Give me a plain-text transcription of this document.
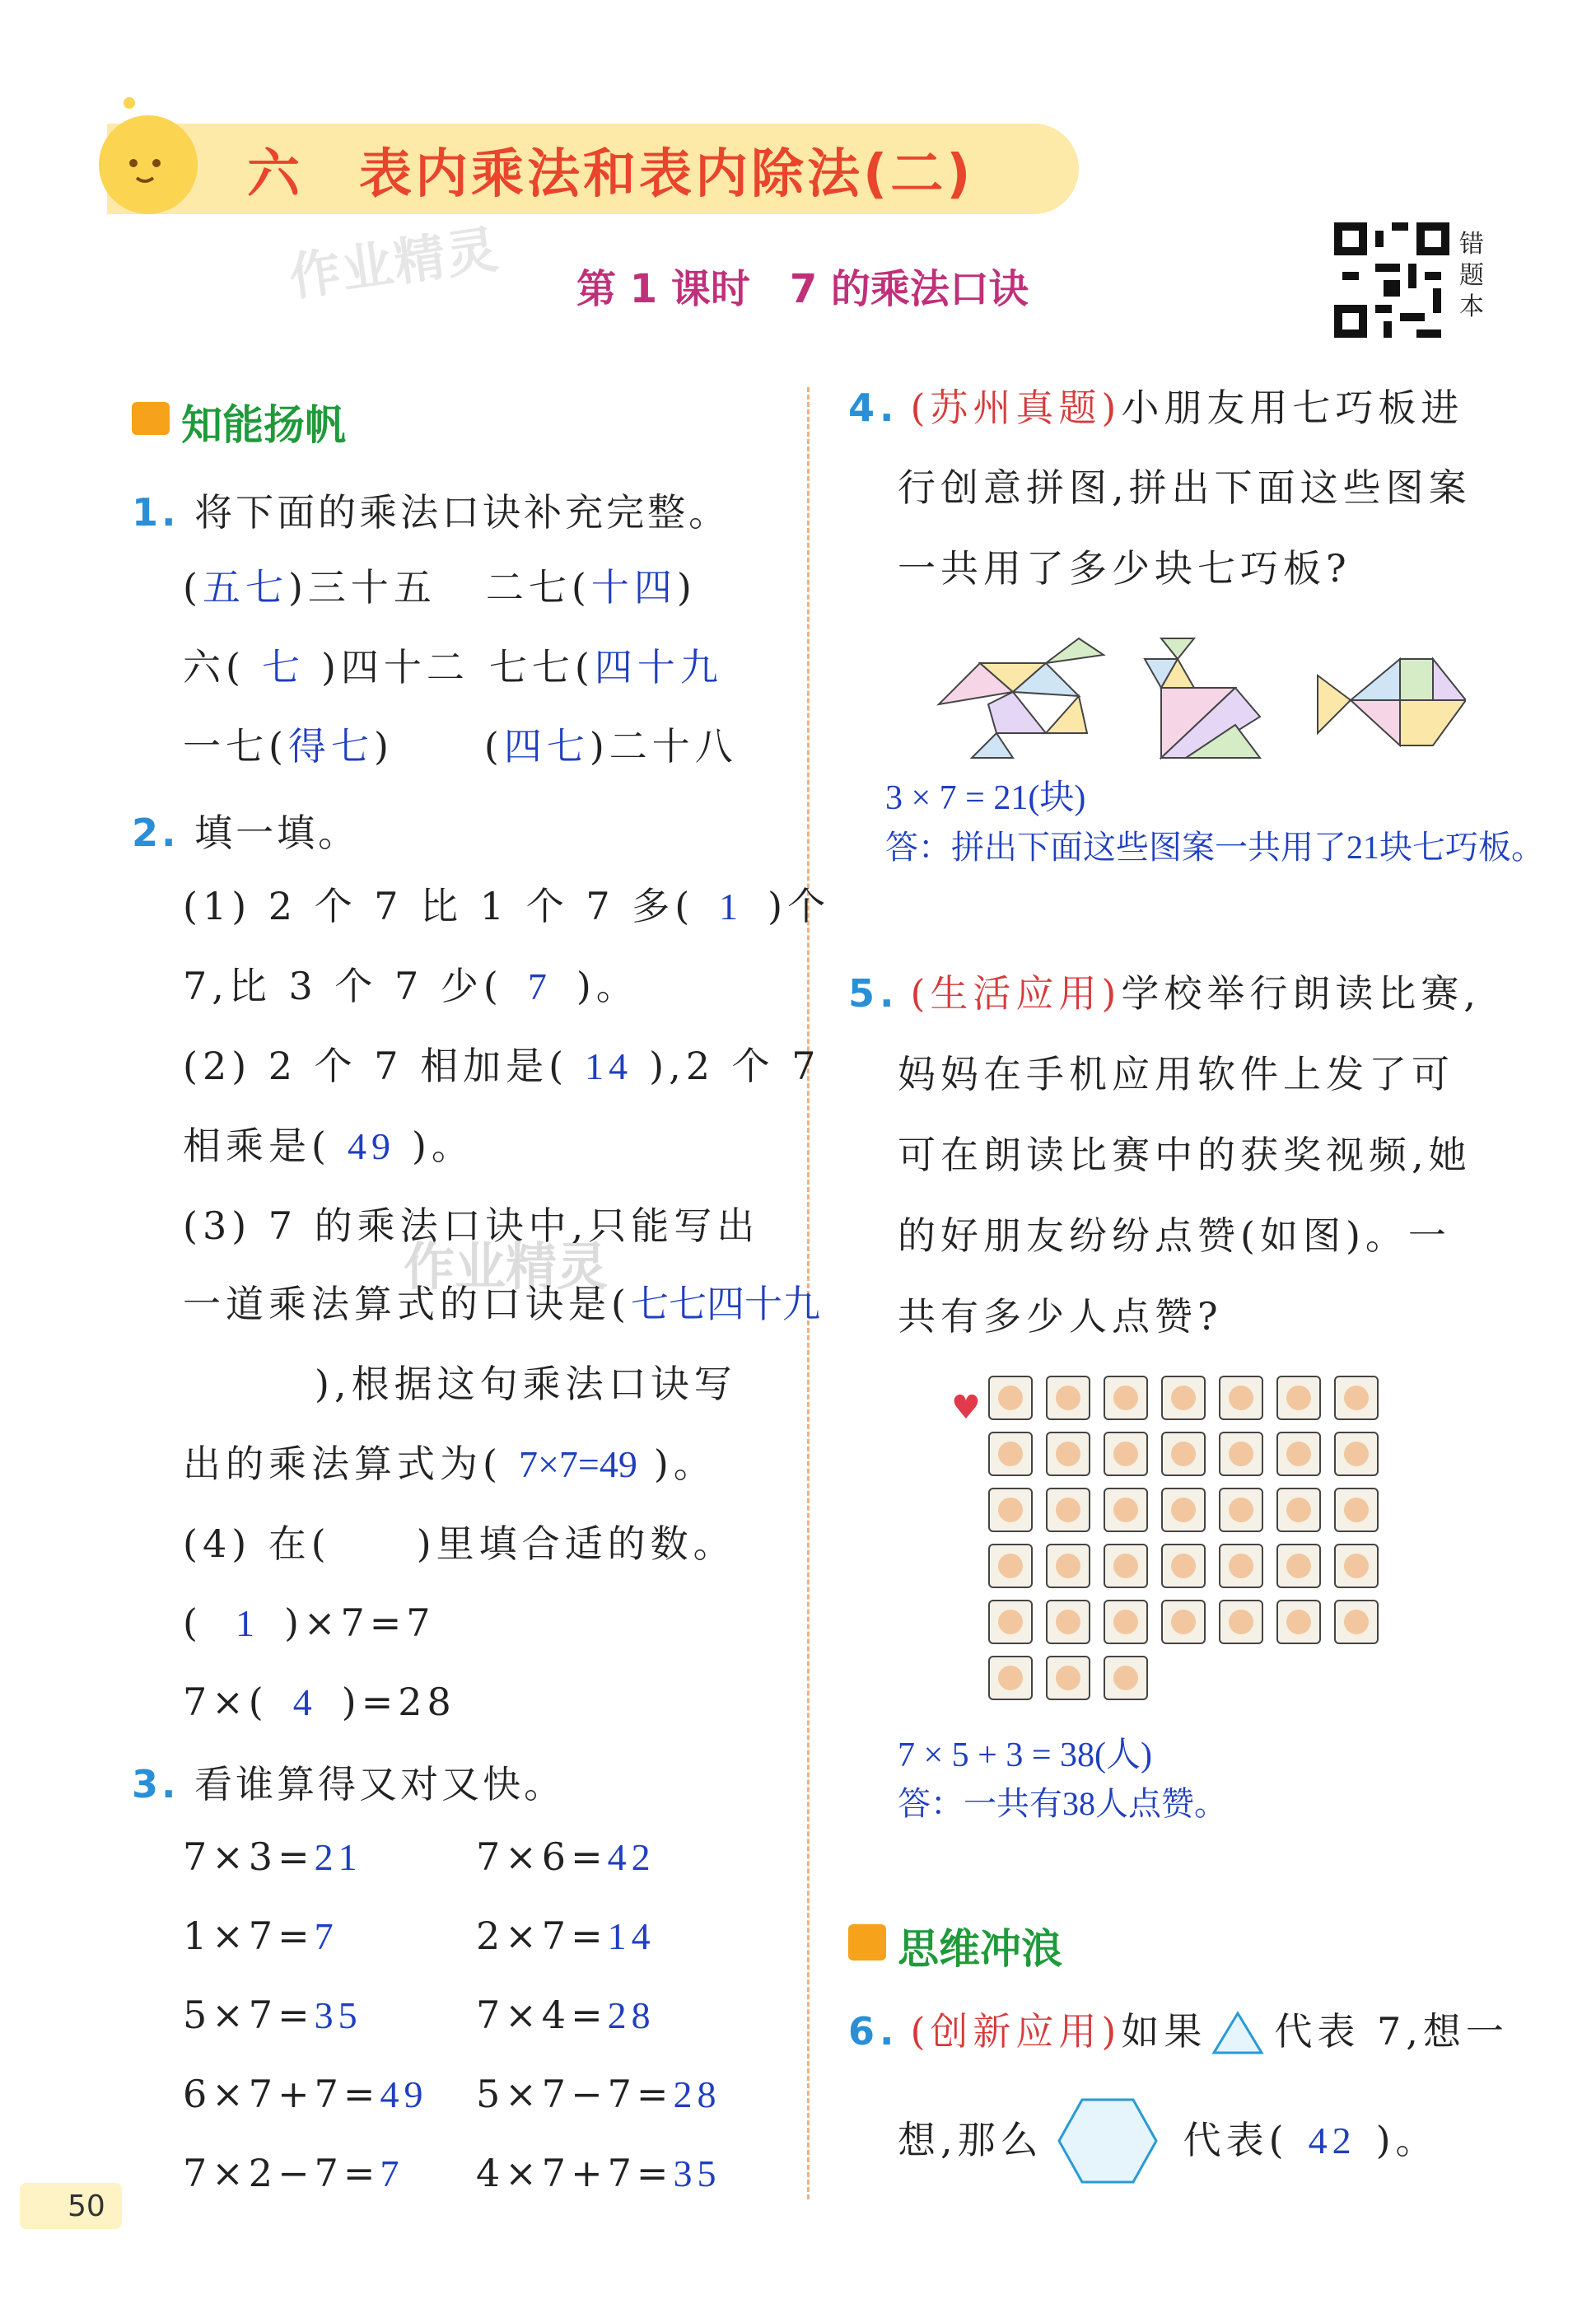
六　表内乘法和表内除法(二)
作业精灵 第 1 课时　7 的乘法口诀
错
题
本
知能扬帆
1. 将下面的乘法口诀补充完整。
(五七)三十五 二七(十四)
六( 七 )四十二 七七(四十九
一七(得七) (四七)二十八
2. 填一填。
(1) 2 个 7 比 1 个 7 多( 1 )个
7,比 3 个 7 少( 7 )。
(2) 2 个 7 相加是( 14 ),2 个 7
相乘是( 49 )。
(3) 7 的乘法口诀中,只能写出
作业精灵
一道乘法算式的口诀是(七七四十九
),根据这句乘法口诀写
出的乘法算式为( 7×7=49 )。
(4) 在(　　)里填合适的数。
( 1 )×7=7
7×( 4 )=28
3. 看谁算得又对又快。
7×3=21	7×6=42
1×7=7	2×7=14
5×7=35	7×4=28
6×7+7=49 5×7−7=28
7×2−7=7 4×7+7=35
50
4. (苏州真题)小朋友用七巧板进
行创意拼图,拼出下面这些图案
一共用了多少块七巧板?
3 × 7 = 21(块)
答：拼出下面这些图案一共用了21块七巧板。
5. (生活应用)学校举行朗读比赛,
妈妈在手机应用软件上发了可
可在朗读比赛中的获奖视频,她
的好朋友纷纷点赞(如图)。一
共有多少人点赞?
♥
7 × 5 + 3 = 38(人)
答：一共有38人点赞。
思维冲浪
6. (创新应用)如果 代表 7,想一
想,那么	代表( 42 )。
